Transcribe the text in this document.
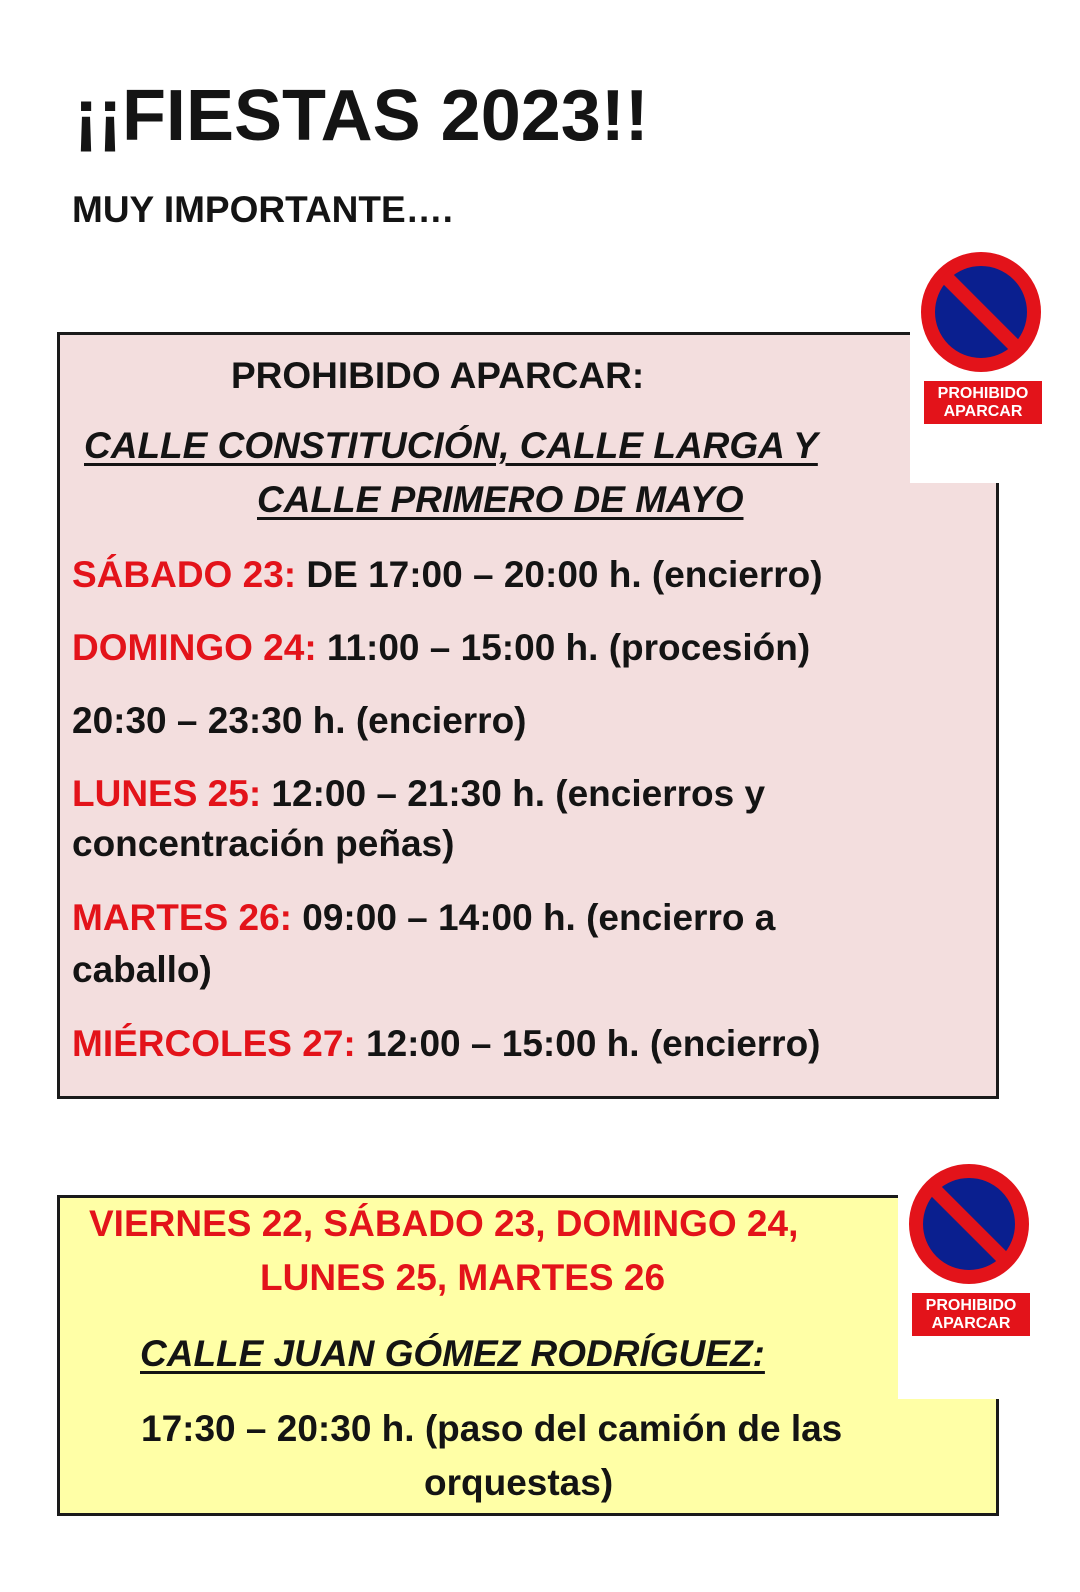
¡¡FIESTAS 2023!!
MUY IMPORTANTE….
PROHIBIDO
APARCAR
PROHIBIDO APARCAR:
CALLE CONSTITUCIÓN, CALLE LARGA Y
CALLE PRIMERO DE MAYO
SÁBADO 23: DE 17:00 – 20:00 h. (encierro)
DOMINGO 24: 11:00 – 15:00 h. (procesión)
20:30 – 23:30 h. (encierro)
LUNES 25: 12:00 – 21:30 h. (encierros y
concentración peñas)
MARTES 26: 09:00 – 14:00 h. (encierro a
caballo)
MIÉRCOLES 27: 12:00 – 15:00 h. (encierro)
PROHIBIDO
APARCAR
VIERNES 22, SÁBADO 23, DOMINGO 24,
LUNES 25, MARTES 26
CALLE JUAN GÓMEZ RODRÍGUEZ:
17:30 – 20:30 h. (paso del camión de las
orquestas)
